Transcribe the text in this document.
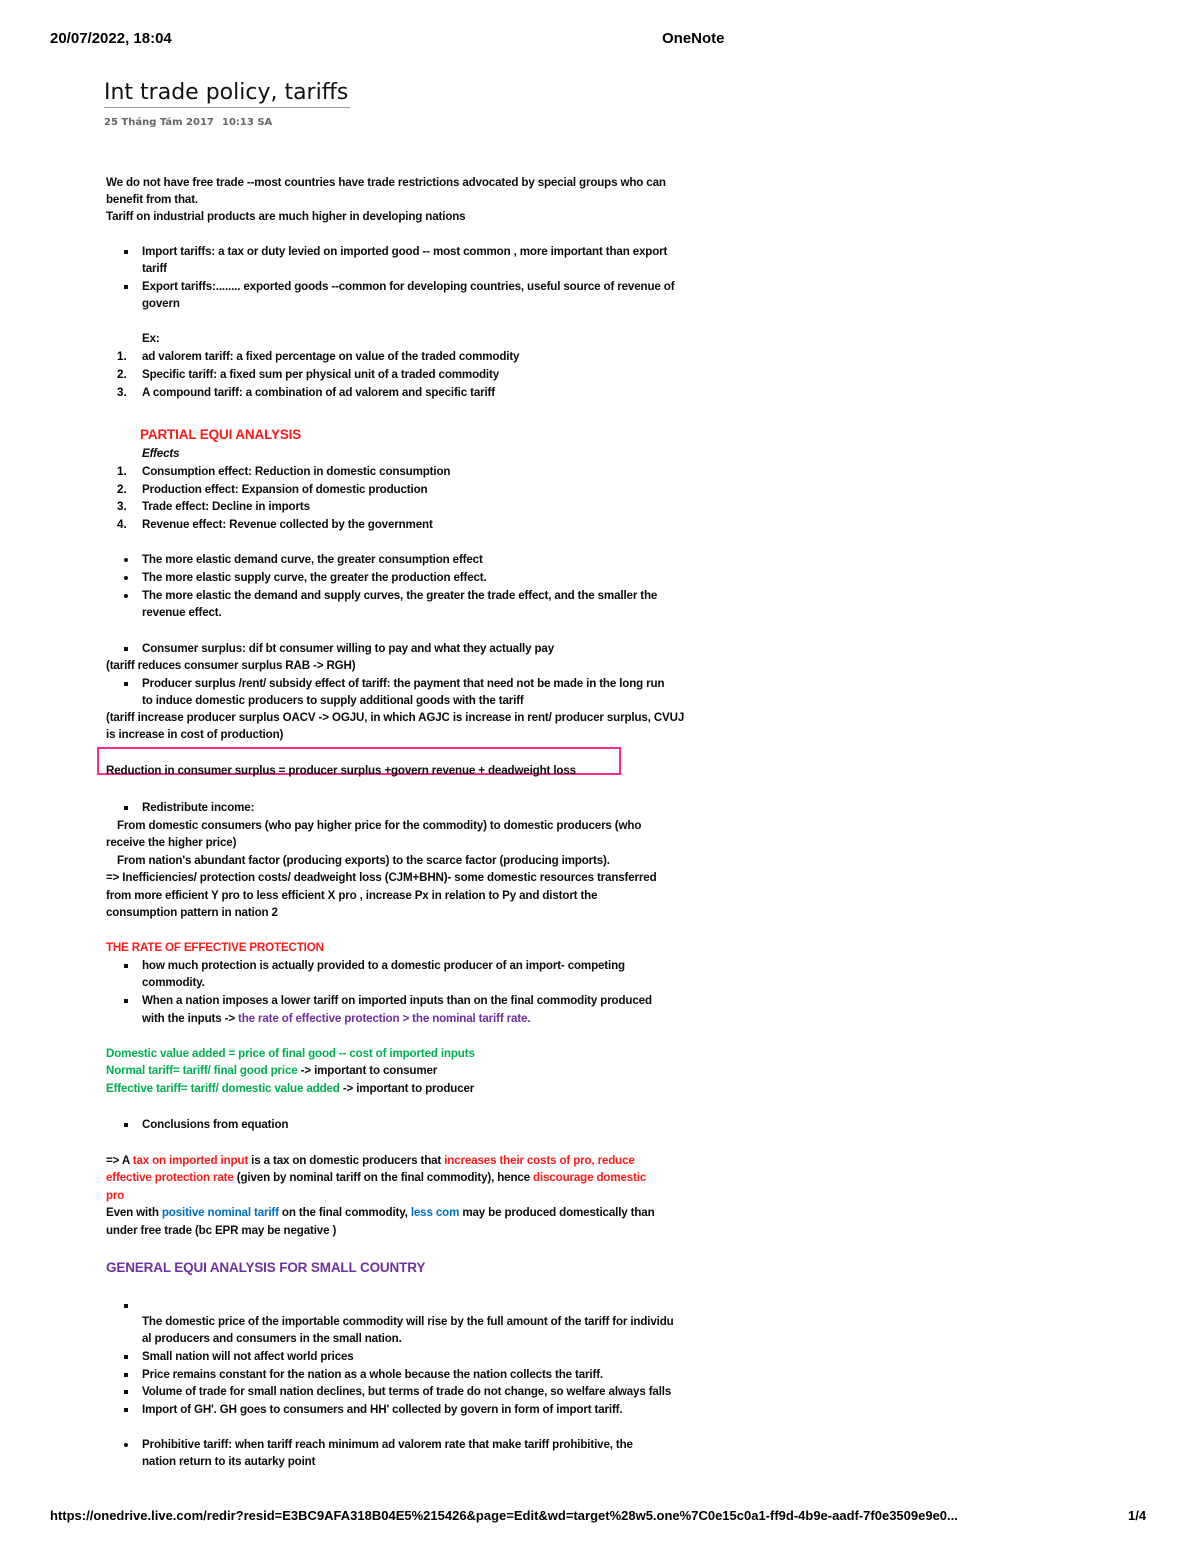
20/07/2022, 18:04	OneNote
Int trade policy, tariffs
25 Tháng Tám 2017 10:13 SA
We do not have free trade --most countries have trade restrictions advocated by special groups who can
benefit from that.
Tariff on industrial products are much higher in developing nations
Import tariffs: a tax or duty levied on imported good -- most common , more important than export
tariff
Export tariffs:........ exported goods --common for developing countries, useful source of revenue of
govern
Ex:
1. ad valorem tariff: a fixed percentage on value of the traded commodity
2. Specific tariff: a fixed sum per physical unit of a traded commodity
3. A compound tariff: a combination of ad valorem and specific tariff
PARTIAL EQUI ANALYSIS
Effects
1. Consumption effect: Reduction in domestic consumption
2. Production effect: Expansion of domestic production
3. Trade effect: Decline in imports
4. Revenue effect: Revenue collected by the government
The more elastic demand curve, the greater consumption effect
The more elastic supply curve, the greater the production effect.
The more elastic the demand and supply curves, the greater the trade effect, and the smaller the
revenue effect.
Consumer surplus: dif bt consumer willing to pay and what they actually pay
(tariff reduces consumer surplus RAB -> RGH)
Producer surplus /rent/ subsidy effect of tariff: the payment that need not be made in the long run
to induce domestic producers to supply additional goods with the tariff
(tariff increase producer surplus OACV -> OGJU, in which AGJC is increase in rent/ producer surplus, CVUJ
is increase in cost of production)
Reduction in consumer surplus = producer surplus +govern revenue + deadweight loss
Redistribute income:
From domestic consumers (who pay higher price for the commodity) to domestic producers (who
receive the higher price)
From nation's abundant factor (producing exports) to the scarce factor (producing imports).
=> Inefficiencies/ protection costs/ deadweight loss (CJM+BHN)- some domestic resources transferred
from more efficient Y pro to less efficient X pro , increase Px in relation to Py and distort the
consumption pattern in nation 2
THE RATE OF EFFECTIVE PROTECTION
how much protection is actually provided to a domestic producer of an import- competing
commodity.
When a nation imposes a lower tariff on imported inputs than on the final commodity produced
with the inputs -> the rate of effective protection > the nominal tariff rate.
Domestic value added = price of final good -- cost of imported inputs
Normal tariff= tariff/ final good price -> important to consumer
Effective tariff= tariff/ domestic value added -> important to producer
Conclusions from equation
=> A tax on imported input is a tax on domestic producers that increases their costs of pro, reduce
effective protection rate (given by nominal tariff on the final commodity), hence discourage domestic
pro
Even with positive nominal tariff on the final commodity, less com may be produced domestically than
under free trade (bc EPR may be negative )
GENERAL EQUI ANALYSIS FOR SMALL COUNTRY
The domestic price of the importable commodity will rise by the full amount of the tariff for individu
al producers and consumers in the small nation.
Small nation will not affect world prices
Price remains constant for the nation as a whole because the nation collects the tariff.
Volume of trade for small nation declines, but terms of trade do not change, so welfare always falls
Import of GH'. GH goes to consumers and HH' collected by govern in form of import tariff.
Prohibitive tariff: when tariff reach minimum ad valorem rate that make tariff prohibitive, the
nation return to its autarky point
https://onedrive.live.com/redir?resid=E3BC9AFA318B04E5%215426&page=Edit&wd=target%28w5.one%7C0e15c0a1-ff9d-4b9e-aadf-7f0e3509e9e0...	1/4
